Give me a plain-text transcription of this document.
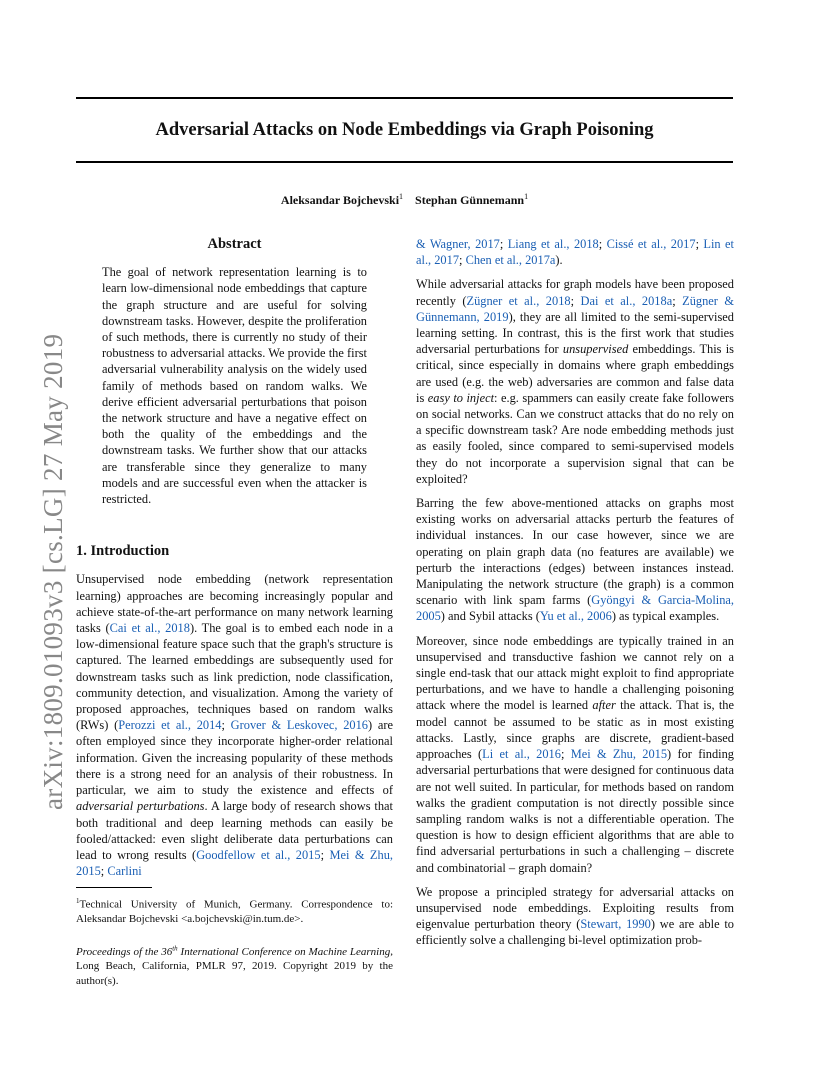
Adversarial Attacks on Node Embeddings via Graph Poisoning
Aleksandar Bojchevski$^1$ Stephan Günnemann$^1$
arXiv:1809.01093v3 [cs.LG] 27 May 2019
Abstract
The goal of network representation learning is to learn low-dimensional node embeddings that capture the graph structure and are useful for solving downstream tasks. However, despite the proliferation of such methods, there is currently no study of their robustness to adversarial attacks. We provide the first adversarial vulnerability analysis on the widely used family of methods based on random walks. We derive efficient adversarial perturbations that poison the network structure and have a negative effect on both the quality of the embeddings and the downstream tasks. We further show that our attacks are transferable since they generalize to many models and are successful even when the attacker is restricted.
1. Introduction

Unsupervised node embedding (network representation learning) approaches are becoming increasingly popular and achieve state-of-the-art performance on many network learning tasks (Cai et al., 2018). The goal is to embed each node in a low-dimensional feature space such that the graph's structure is captured. The learned embeddings are subsequently used for downstream tasks such as link prediction, node classification, community detection, and visualization. Among the variety of proposed approaches, techniques based on random walks (RWs) (Perozzi et al., 2014; Grover & Leskovec, 2016) are often employed since they incorporate higher-order relational information. Given the increasing popularity of these methods there is a strong need for an analysis of their robustness. In particular, we aim to study the existence and effects of adversarial perturbations. A large body of research shows that both traditional and deep learning methods can easily be fooled/attacked: even slight deliberate data perturbations can lead to wrong results (Goodfellow et al., 2015; Mei & Zhu, 2015; Carlini

$^1$Technical University of Munich, Germany. Correspondence to: Aleksandar Bojchevski <a.bojchevski@in.tum.de>.
Proceedings of the 36th International Conference on Machine Learning, Long Beach, California, PMLR 97, 2019. Copyright 2019 by the author(s).

& Wagner, 2017; Liang et al., 2018; Cissé et al., 2017; Lin et al., 2017; Chen et al., 2017a).

While adversarial attacks for graph models have been proposed recently (Zügner et al., 2018; Dai et al., 2018a; Zügner & Günnemann, 2019), they are all limited to the semi-supervised learning setting. In contrast, this is the first work that studies adversarial perturbations for unsupervised embeddings. This is critical, since especially in domains where graph embeddings are used (e.g. the web) adversaries are common and false data is easy to inject: e.g. spammers can easily create fake followers on social networks. Can we construct attacks that do no rely on a specific downstream task? Are node embedding methods just as easily fooled, since compared to semi-supervised models they do not incorporate a supervision signal that can be exploited?

Barring the few above-mentioned attacks on graphs most existing works on adversarial attacks perturb the features of individual instances. In our case however, since we are operating on plain graph data (no features are available) we perturb the interactions (edges) between instances instead. Manipulating the network structure (the graph) is a common scenario with link spam farms (Gyöngyi & Garcia-Molina, 2005) and Sybil attacks (Yu et al., 2006) as typical examples.

Moreover, since node embeddings are typically trained in an unsupervised and transductive fashion we cannot rely on a single end-task that our attack might exploit to find appropriate perturbations, and we have to handle a challenging poisoning attack where the model is learned after the attack. That is, the model cannot be assumed to be static as in most existing attacks. Lastly, since graphs are discrete, gradient-based approaches (Li et al., 2016; Mei & Zhu, 2015) for finding adversarial perturbations that were designed for continuous data are not well suited. In particular, for methods based on random walks the gradient computation is not directly possible since sampling random walks is not a differentiable operation. The question is how to design efficient algorithms that are able to find adversarial perturbations in such a challenging – discrete and combinatorial – graph domain?

We propose a principled strategy for adversarial attacks on unsupervised node embeddings. Exploiting results from eigenvalue perturbation theory (Stewart, 1990) we are able to efficiently solve a challenging bi-level optimization prob-
